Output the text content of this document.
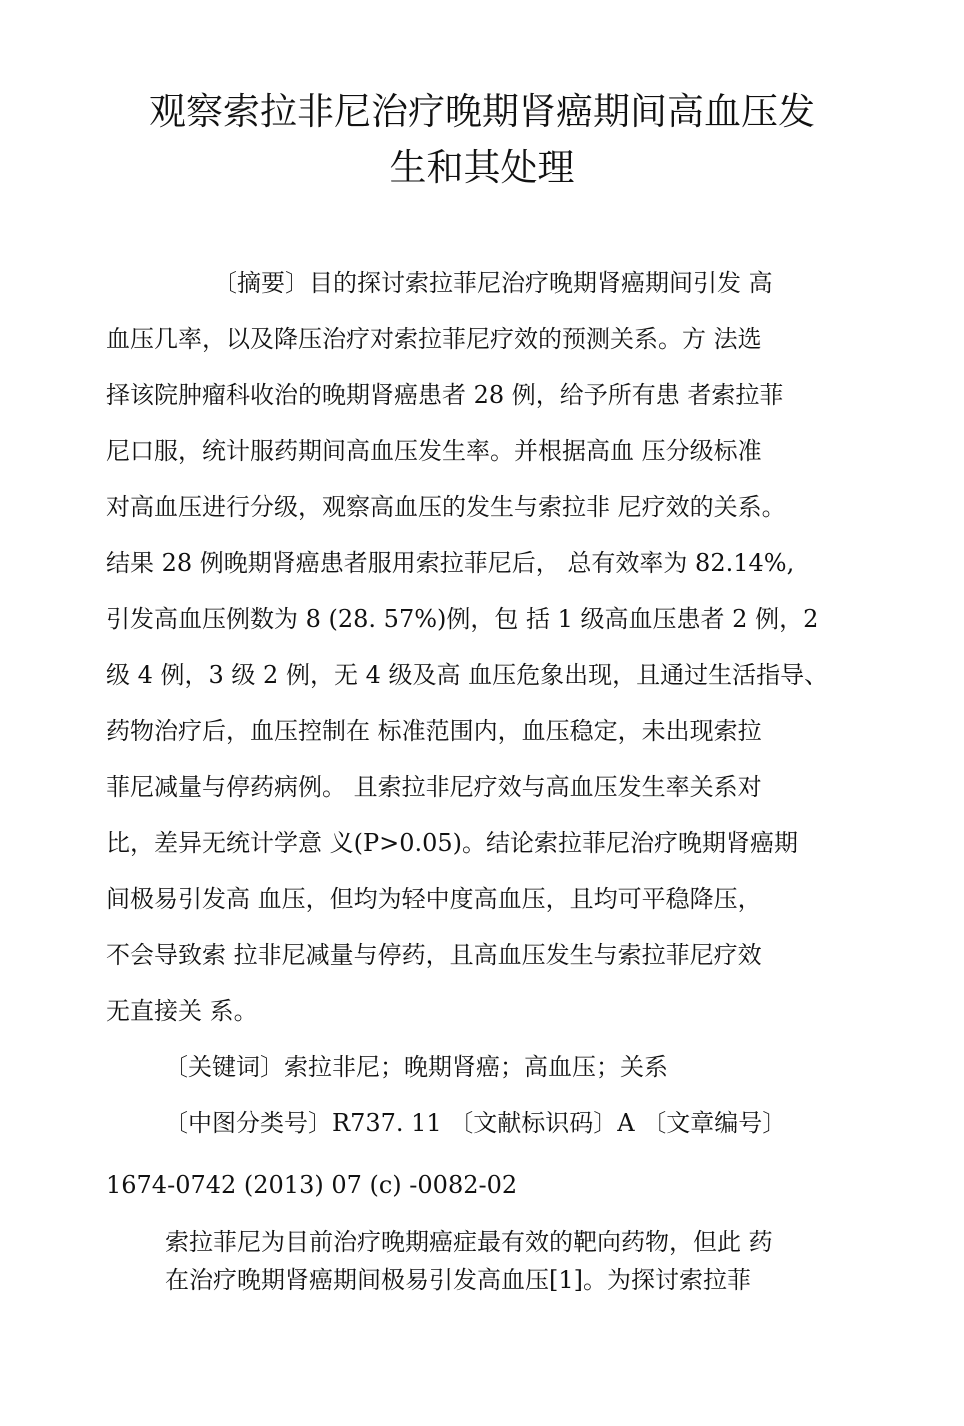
观察索拉非尼治疗晚期肾癌期间高血压发
生和其处理
〔摘要〕目的探讨索拉菲尼治疗晚期肾癌期间引发 高
血压几率，以及降压治疗对索拉菲尼疗效的预测关系。方 法选
择该院肿瘤科收治的晚期肾癌患者 28 例，给予所有患 者索拉菲
尼口服，统计服药期间高血压发生率。并根据高血 压分级标准
对高血压进行分级，观察高血压的发生与索拉非 尼疗效的关系。
结果 28 例晚期肾癌患者服用索拉菲尼后， 总有效率为 82.14%,
引发高血压例数为 8 (28. 57%)例，包 括 1 级高血压患者 2 例，2
级 4 例，3 级 2 例，无 4 级及高 血压危象出现，且通过生活指导、
药物治疗后，血压控制在 标准范围内，血压稳定，未出现索拉
菲尼减量与停药病例。 且索拉非尼疗效与高血压发生率关系对
比，差异无统计学意 义(P>0.05)。结论索拉菲尼治疗晚期肾癌期
间极易引发高 血压，但均为轻中度高血压，且均可平稳降压，
不会导致索 拉非尼减量与停药，且高血压发生与索拉菲尼疗效
无直接关 系。
〔关键词〕索拉非尼；晚期肾癌；高血压；关系
〔中图分类号〕R737. 11 〔文献标识码〕A 〔文章编号〕
1674-0742 (2013) 07 (c) -0082-02
索拉菲尼为目前治疗晚期癌症最有效的靶向药物，但此 药
在治疗晚期肾癌期间极易引发高血压[1]。为探讨索拉菲
